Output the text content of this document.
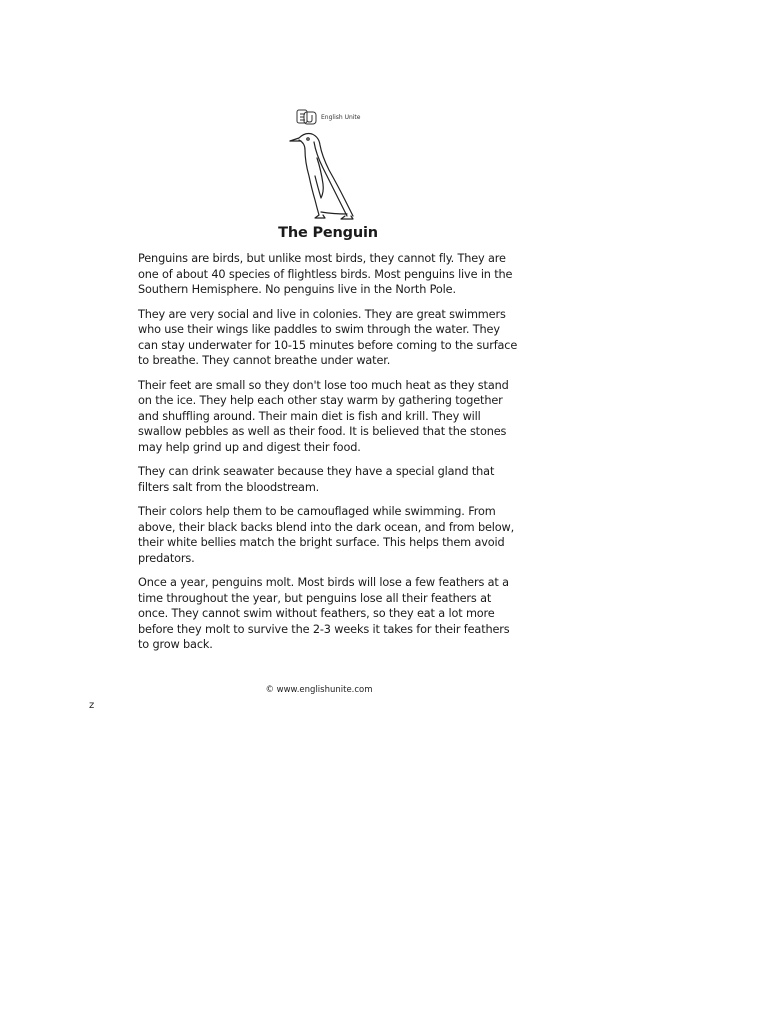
English Unite
The Penguin

Penguins are birds, but unlike most birds, they cannot fly. They are one of about 40 species of flightless birds. Most penguins live in the Southern Hemisphere. No penguins live in the North Pole.

They are very social and live in colonies. They are great swimmers who use their wings like paddles to swim through the water. They can stay underwater for 10-15 minutes before coming to the surface to breathe. They cannot breathe under water.

Their feet are small so they don't lose too much heat as they stand on the ice. They help each other stay warm by gathering together and shuffling around. Their main diet is fish and krill. They will swallow pebbles as well as their food. It is believed that the stones may help grind up and digest their food.

They can drink seawater because they have a special gland that filters salt from the bloodstream.

Their colors help them to be camouflaged while swimming. From above, their black backs blend into the dark ocean, and from below, their white bellies match the bright surface. This helps them avoid predators.

Once a year, penguins molt. Most birds will lose a few feathers at a time throughout the year, but penguins lose all their feathers at once. They cannot swim without feathers, so they eat a lot more before they molt to survive the 2-3 weeks it takes for their feathers to grow back.

© www.englishunite.com
z
